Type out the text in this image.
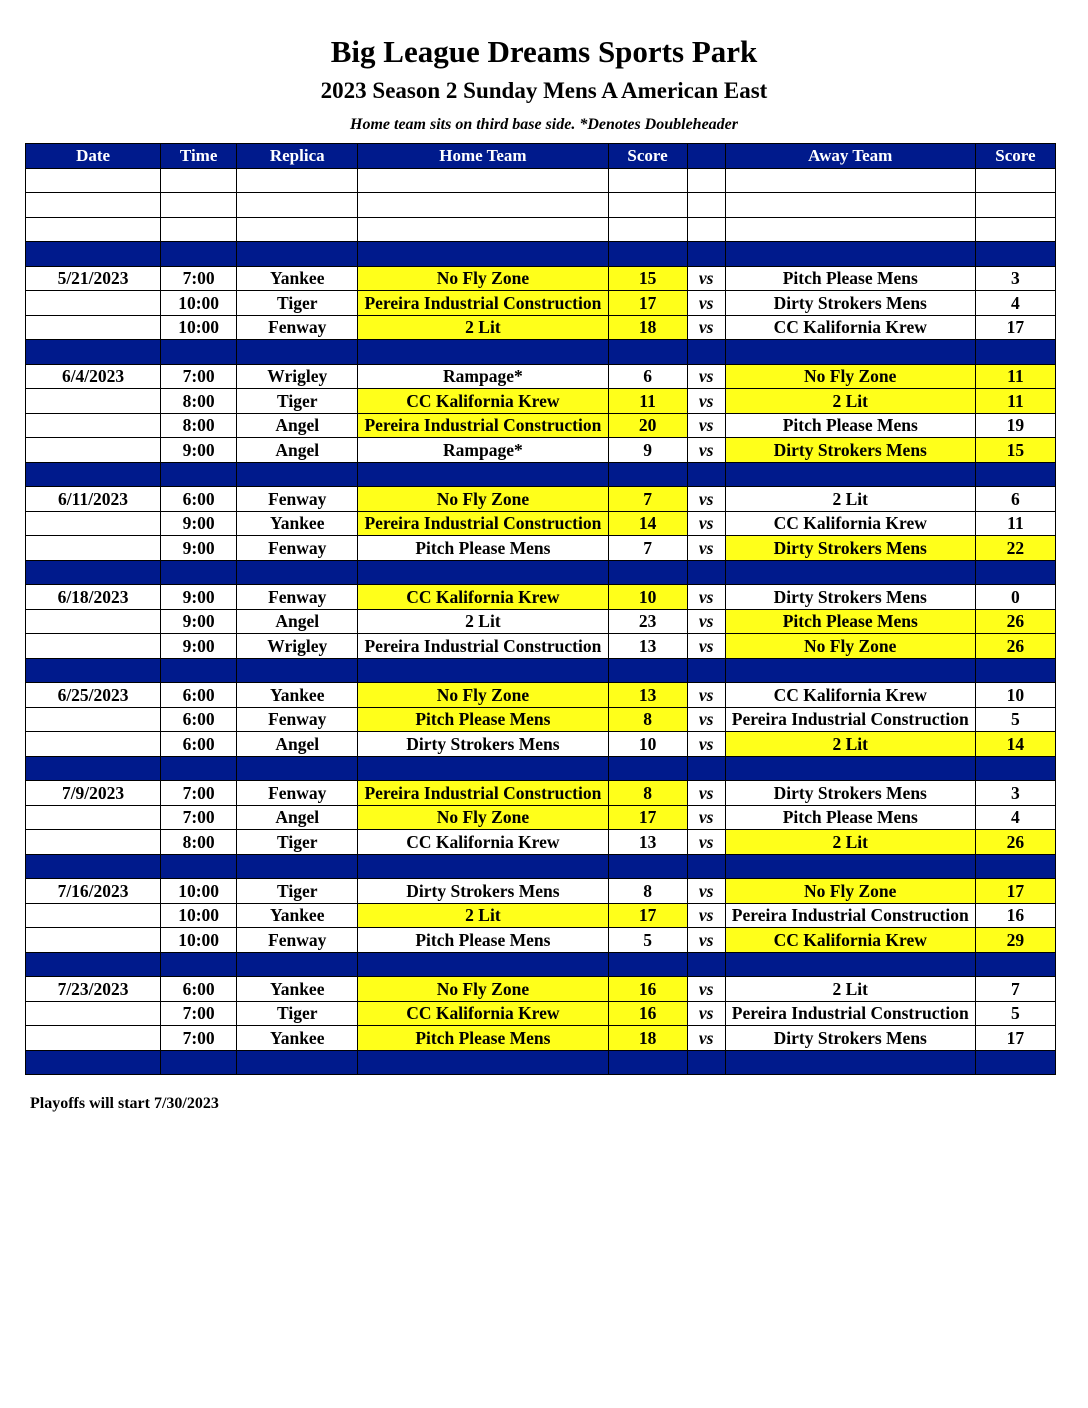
Big League Dreams Sports Park
2023 Season 2 Sunday Mens A American East
Home team sits on third base side. *Denotes Doubleheader
Date	Time	Replica	Home Team	Score		Away Team	Score

5/21/2023	7:00	Yankee	No Fly Zone	15	vs	Pitch Please Mens	3
	10:00	Tiger	Pereira Industrial Construction	17	vs	Dirty Strokers Mens	4
	10:00	Fenway	2 Lit	18	vs	CC Kalifornia Krew	17

6/4/2023	7:00	Wrigley	Rampage*	6	vs	No Fly Zone	11
	8:00	Tiger	CC Kalifornia Krew	11	vs	2 Lit	11
	8:00	Angel	Pereira Industrial Construction	20	vs	Pitch Please Mens	19
	9:00	Angel	Rampage*	9	vs	Dirty Strokers Mens	15

6/11/2023	6:00	Fenway	No Fly Zone	7	vs	2 Lit	6
	9:00	Yankee	Pereira Industrial Construction	14	vs	CC Kalifornia Krew	11
	9:00	Fenway	Pitch Please Mens	7	vs	Dirty Strokers Mens	22

6/18/2023	9:00	Fenway	CC Kalifornia Krew	10	vs	Dirty Strokers Mens	0
	9:00	Angel	2 Lit	23	vs	Pitch Please Mens	26
	9:00	Wrigley	Pereira Industrial Construction	13	vs	No Fly Zone	26

6/25/2023	6:00	Yankee	No Fly Zone	13	vs	CC Kalifornia Krew	10
	6:00	Fenway	Pitch Please Mens	8	vs	Pereira Industrial Construction	5
	6:00	Angel	Dirty Strokers Mens	10	vs	2 Lit	14

7/9/2023	7:00	Fenway	Pereira Industrial Construction	8	vs	Dirty Strokers Mens	3
	7:00	Angel	No Fly Zone	17	vs	Pitch Please Mens	4
	8:00	Tiger	CC Kalifornia Krew	13	vs	2 Lit	26

7/16/2023	10:00	Tiger	Dirty Strokers Mens	8	vs	No Fly Zone	17
	10:00	Yankee	2 Lit	17	vs	Pereira Industrial Construction	16
	10:00	Fenway	Pitch Please Mens	5	vs	CC Kalifornia Krew	29

7/23/2023	6:00	Yankee	No Fly Zone	16	vs	2 Lit	7
	7:00	Tiger	CC Kalifornia Krew	16	vs	Pereira Industrial Construction	5
	7:00	Yankee	Pitch Please Mens	18	vs	Dirty Strokers Mens	17

Playoffs will start 7/30/2023
